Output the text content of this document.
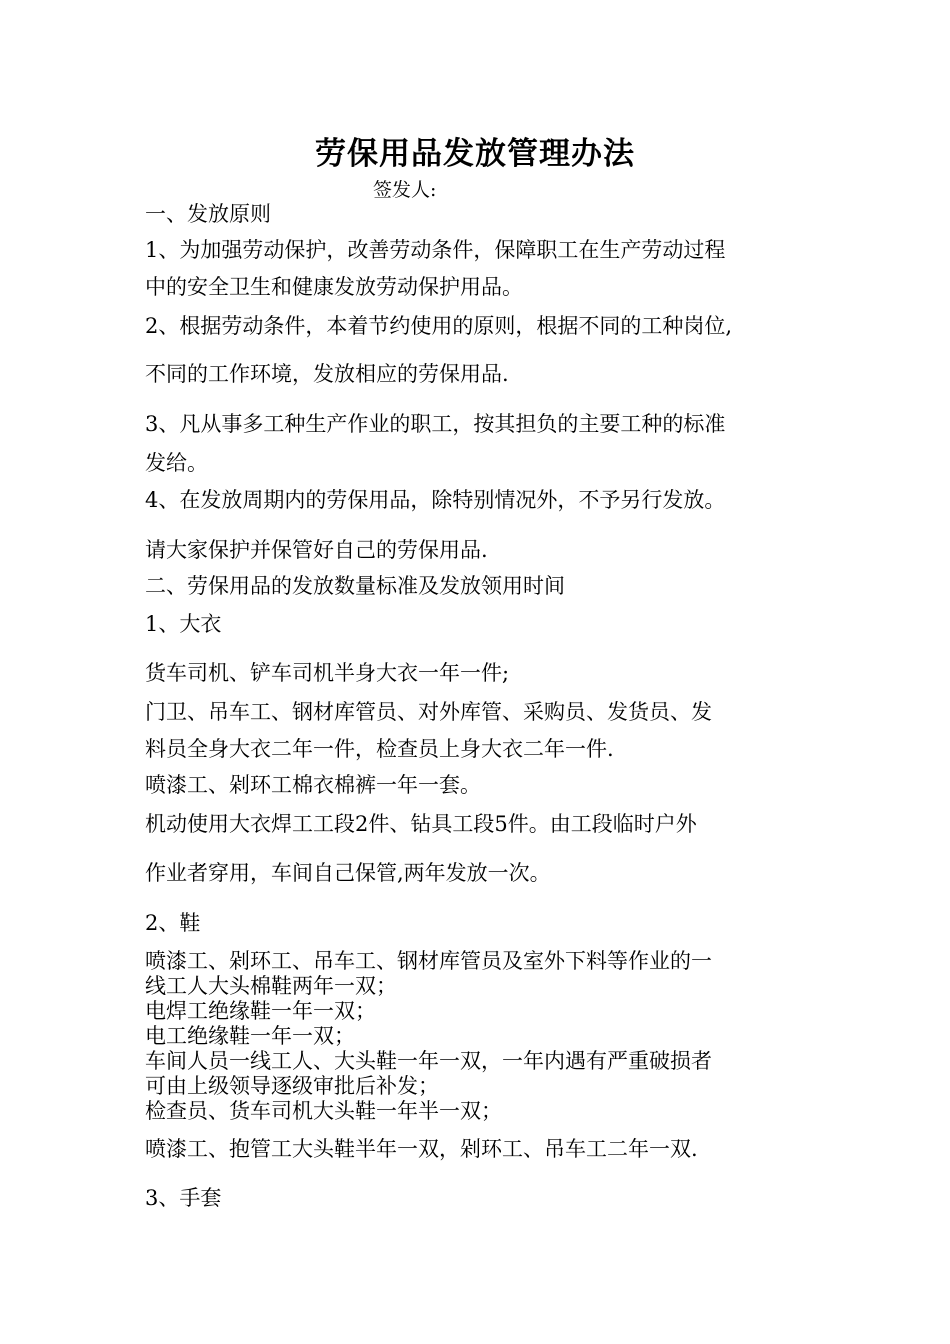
劳保用品发放管理办法
签发人:
一、发放原则
1、为加强劳动保护，改善劳动条件，保障职工在生产劳动过程
中的安全卫生和健康发放劳动保护用品。
2、根据劳动条件，本着节约使用的原则，根据不同的工种岗位,
不同的工作环境，发放相应的劳保用品.
3、凡从事多工种生产作业的职工，按其担负的主要工种的标准
发给。
4、在发放周期内的劳保用品，除特别情况外，不予另行发放。
请大家保护并保管好自己的劳保用品.
二、劳保用品的发放数量标准及发放领用时间
1、大衣
货车司机、铲车司机半身大衣一年一件;
门卫、吊车工、钢材库管员、对外库管、采购员、发货员、发
料员全身大衣二年一件，检查员上身大衣二年一件.
喷漆工、剁环工棉衣棉裤一年一套。
机动使用大衣焊工工段2件、钻具工段5件。由工段临时户外
作业者穿用，车间自己保管,两年发放一次。
2、鞋
喷漆工、剁环工、吊车工、钢材库管员及室外下料等作业的一
线工人大头棉鞋两年一双；
电焊工绝缘鞋一年一双；
电工绝缘鞋一年一双；
车间人员一线工人、大头鞋一年一双，一年内遇有严重破损者
可由上级领导逐级审批后补发；
检查员、货车司机大头鞋一年半一双；
喷漆工、抱管工大头鞋半年一双，剁环工、吊车工二年一双.
3、手套
